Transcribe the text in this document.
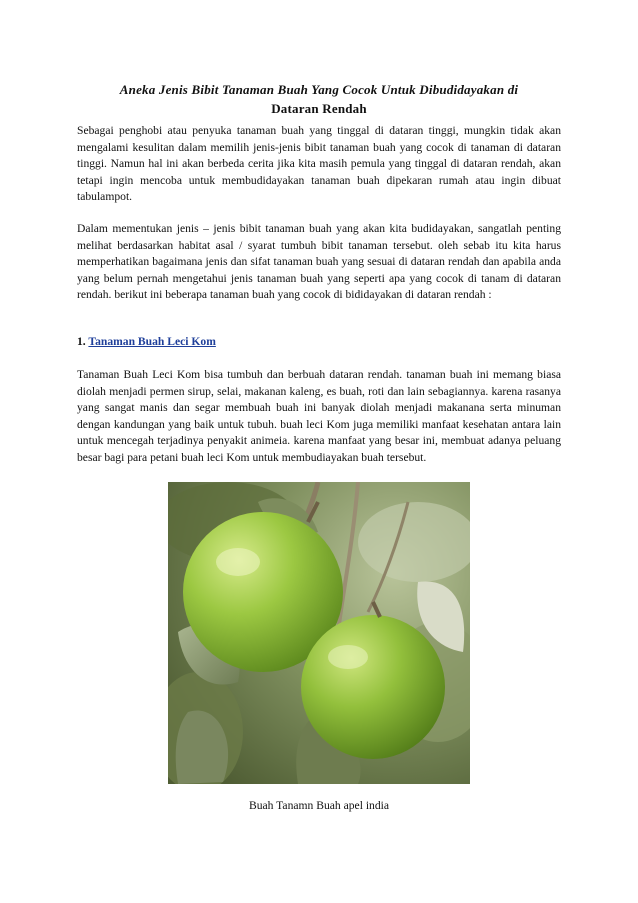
Aneka Jenis Bibit Tanaman Buah Yang Cocok Untuk Dibudidayakan di
Dataran Rendah

Sebagai penghobi atau penyuka tanaman buah yang tinggal di dataran tinggi, mungkin tidak akan mengalami kesulitan dalam memilih jenis-jenis bibit tanaman buah yang cocok di tanaman di dataran tinggi. Namun hal ini akan berbeda cerita jika kita masih pemula yang tinggal di dataran rendah, akan tetapi ingin mencoba untuk membudidayakan tanaman buah dipekaran rumah atau ingin dibuat tabulampot.

Dalam mementukan jenis – jenis bibit tanaman buah yang akan kita budidayakan, sangatlah penting melihat berdasarkan habitat asal / syarat tumbuh bibit tanaman tersebut. oleh sebab itu kita harus memperhatikan bagaimana jenis dan sifat tanaman buah yang sesuai di dataran rendah dan apabila anda yang belum pernah mengetahui jenis tanaman buah yang seperti apa yang cocok di tanam di dataran rendah. berikut ini beberapa tanaman buah yang cocok di bididayakan di dataran rendah :

1. Tanaman Buah Leci Kom

Tanaman Buah Leci Kom bisa tumbuh dan berbuah dataran rendah. tanaman buah ini memang biasa diolah menjadi permen sirup, selai, makanan kaleng, es buah, roti dan lain sebagiannya. karena rasanya yang sangat manis dan segar membuah buah ini banyak diolah menjadi makanana serta minuman dengan kandungan yang baik untuk tubuh. buah leci Kom juga memiliki manfaat kesehatan antara lain untuk mencegah terjadinya penyakit animeia. karena manfaat yang besar ini, membuat adanya peluang besar bagi para petani buah leci Kom untuk membudiayakan buah tersebut.

Buah Tanamn Buah apel india
